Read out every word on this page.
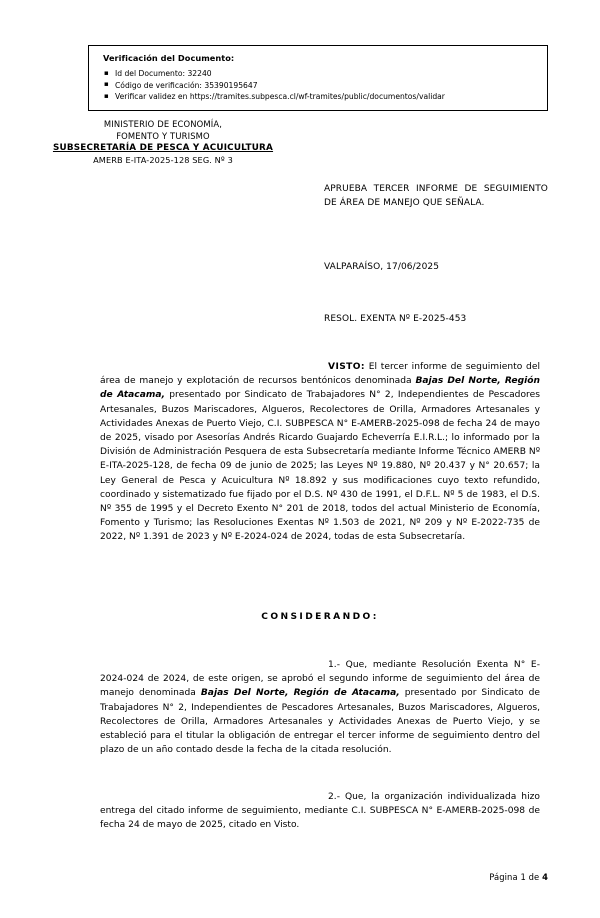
Verificación del Documento:
▪ Id del Documento: 32240
▪ Código de verificación: 35390195647
▪ Verificar validez en https://tramites.subpesca.cl/wf-tramites/public/documentos/validar
MINISTERIO DE ECONOMÍA,
FOMENTO Y TURISMO
SUBSECRETARÍA DE PESCA Y ACUICULTURA
AMERB E-ITA-2025-128 SEG. Nº 3
APRUEBA TERCER INFORME DE SEGUIMIENTO DE ÁREA DE MANEJO QUE SEÑALA.
VALPARAÍSO, 17/06/2025
RESOL. EXENTA Nº E-2025-453

VISTO: El tercer informe de seguimiento del área de manejo y explotación de recursos bentónicos denominada Bajas Del Norte, Región de Atacama, presentado por Sindicato de Trabajadores N° 2, Independientes de Pescadores Artesanales, Buzos Mariscadores, Algueros, Recolectores de Orilla, Armadores Artesanales y Actividades Anexas de Puerto Viejo, C.I. SUBPESCA N° E-AMERB-2025-098 de fecha 24 de mayo de 2025, visado por Asesorías Andrés Ricardo Guajardo Echeverría E.I.R.L.; lo informado por la División de Administración Pesquera de esta Subsecretaría mediante Informe Técnico AMERB Nº E-ITA-2025-128, de fecha 09 de junio de 2025; las Leyes Nº 19.880, Nº 20.437 y N° 20.657; la Ley General de Pesca y Acuicultura Nº 18.892 y sus modificaciones cuyo texto refundido, coordinado y sistematizado fue fijado por el D.S. Nº 430 de 1991, el D.F.L. Nº 5 de 1983, el D.S. Nº 355 de 1995 y el Decreto Exento N° 201 de 2018, todos del actual Ministerio de Economía, Fomento y Turismo; las Resoluciones Exentas Nº 1.503 de 2021, Nº 209 y Nº E-2022-735 de 2022, Nº 1.391 de 2023 y Nº E-2024-024 de 2024, todas de esta Subsecretaría.

CONSIDERANDO:

1.- Que, mediante Resolución Exenta N° E-2024-024 de 2024, de este origen, se aprobó el segundo informe de seguimiento del área de manejo denominada Bajas Del Norte, Región de Atacama, presentado por Sindicato de Trabajadores N° 2, Independientes de Pescadores Artesanales, Buzos Mariscadores, Algueros, Recolectores de Orilla, Armadores Artesanales y Actividades Anexas de Puerto Viejo, y se estableció para el titular la obligación de entregar el tercer informe de seguimiento dentro del plazo de un año contado desde la fecha de la citada resolución.

2.- Que, la organización individualizada hizo entrega del citado informe de seguimiento, mediante C.I. SUBPESCA N° E-AMERB-2025-098 de fecha 24 de mayo de 2025, citado en Visto.

Página 1 de 4
